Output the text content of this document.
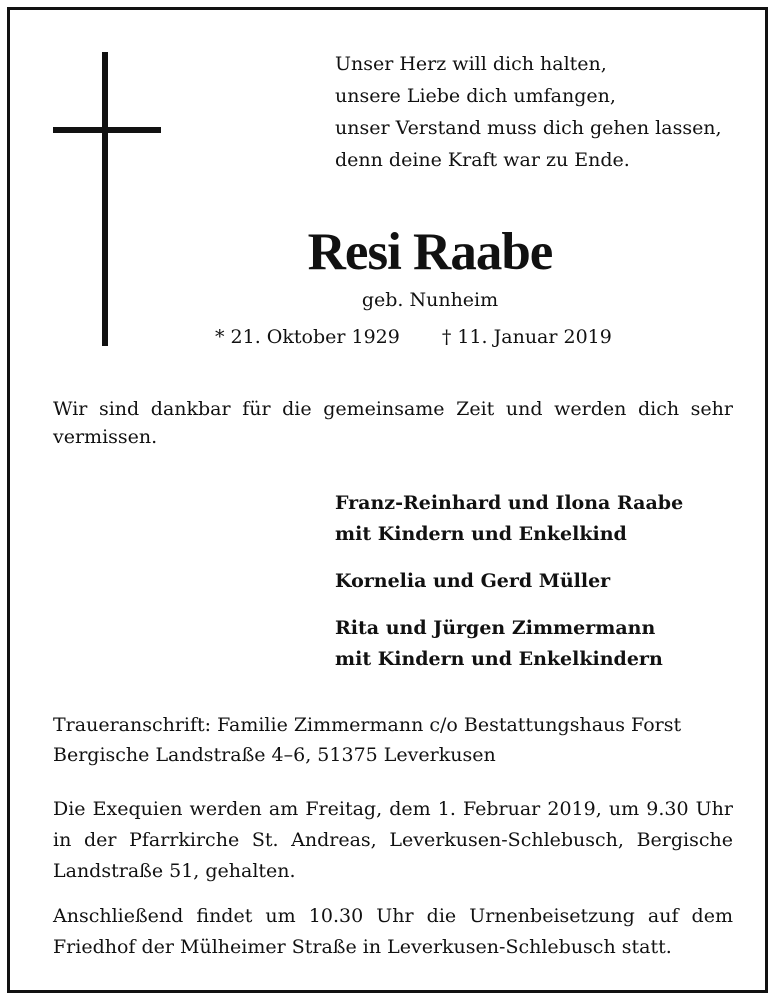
Unser Herz will dich halten,
unsere Liebe dich umfangen,
unser Verstand muss dich gehen lassen,
denn deine Kraft war zu Ende.
Resi Raabe
geb. Nunheim
* 21. Oktober 1929 † 11. Januar 2019
Wir sind dankbar für die gemeinsame Zeit und werden dich sehr vermissen.
Franz-Reinhard und Ilona Raabe
mit Kindern und Enkelkind
Kornelia und Gerd Müller
Rita und Jürgen Zimmermann
mit Kindern und Enkelkindern
Traueranschrift: Familie Zimmermann c/o Bestattungshaus Forst
Bergische Landstraße 4–6, 51375 Leverkusen
Die Exequien werden am Freitag, dem 1. Februar 2019, um 9.30 Uhr in der Pfarrkirche St. Andreas, Leverkusen-Schlebusch, Bergische Landstraße 51, gehalten.
Anschließend findet um 10.30 Uhr die Urnenbeisetzung auf dem Friedhof der Mülheimer Straße in Leverkusen-Schlebusch statt.
